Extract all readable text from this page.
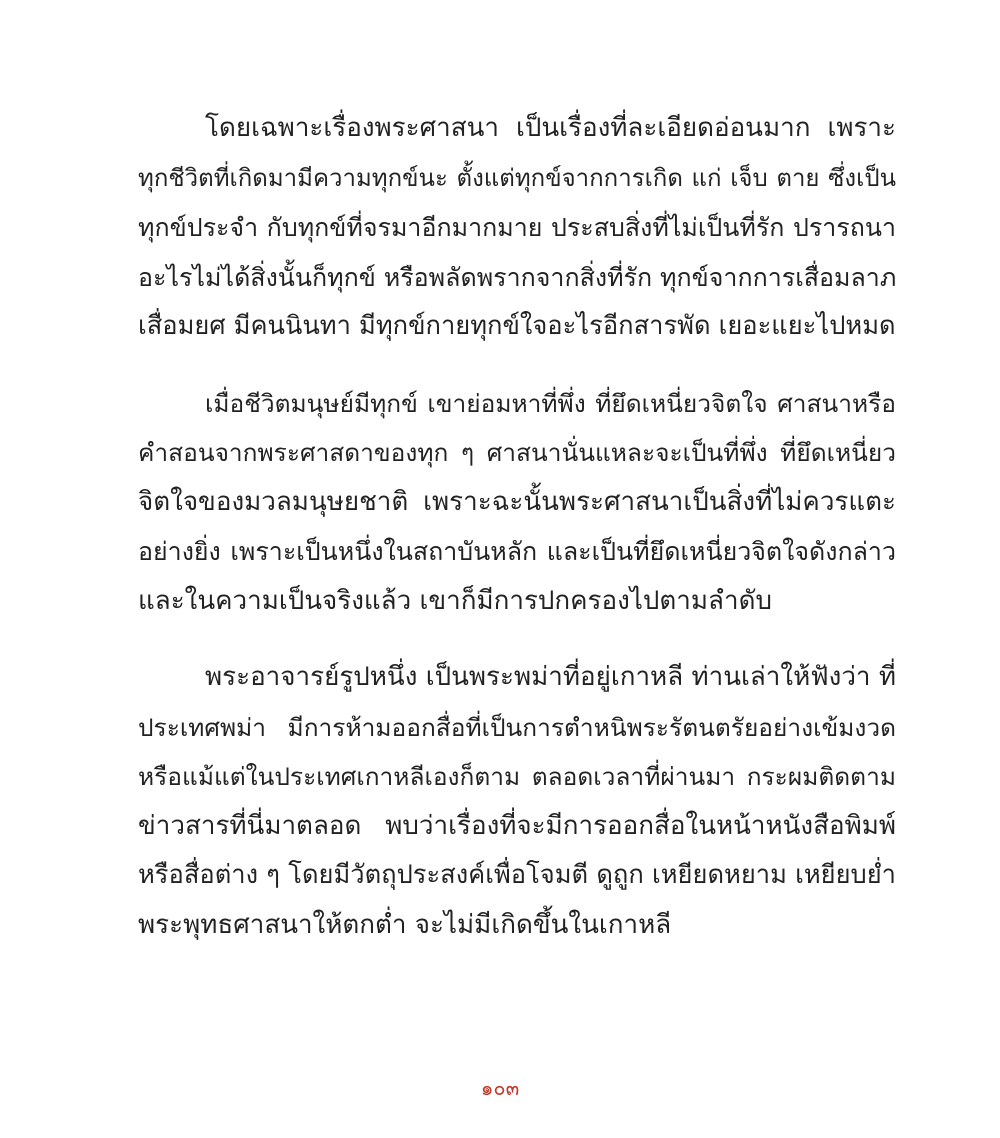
โดยเฉพาะเรื่องพระศาสนา เป็นเรื่องที่ละเอียดอ่อนมาก เพราะ
ทุกชีวิตที่เกิดมามีความทุกข์นะ ตั้งแต่ทุกข์จากการเกิด แก่ เจ็บ ตาย ซึ่งเป็น
ทุกข์ประจำ กับทุกข์ที่จรมาอีกมากมาย ประสบสิ่งที่ไม่เป็นที่รัก ปรารถนา
อะไรไม่ได้สิ่งนั้นก็ทุกข์ หรือพลัดพรากจากสิ่งที่รัก ทุกข์จากการเสื่อมลาภ
เสื่อมยศ มีคนนินทา มีทุกข์กายทุกข์ใจอะไรอีกสารพัด เยอะแยะไปหมด

เมื่อชีวิตมนุษย์มีทุกข์ เขาย่อมหาที่พึ่ง ที่ยึดเหนี่ยวจิตใจ ศาสนาหรือ
คำสอนจากพระศาสดาของทุก ๆ ศาสนานั่นแหละจะเป็นที่พึ่ง ที่ยึดเหนี่ยว
จิตใจของมวลมนุษยชาติ เพราะฉะนั้นพระศาสนาเป็นสิ่งที่ไม่ควรแตะ
อย่างยิ่ง เพราะเป็นหนึ่งในสถาบันหลัก และเป็นที่ยึดเหนี่ยวจิตใจดังกล่าว
และในความเป็นจริงแล้ว เขาก็มีการปกครองไปตามลำดับ

พระอาจารย์รูปหนึ่ง เป็นพระพม่าที่อยู่เกาหลี ท่านเล่าให้ฟังว่า ที่
ประเทศพม่า มีการห้ามออกสื่อที่เป็นการตำหนิพระรัตนตรัยอย่างเข้มงวด
หรือแม้แต่ในประเทศเกาหลีเองก็ตาม ตลอดเวลาที่ผ่านมา กระผมติดตาม
ข่าวสารที่นี่มาตลอด พบว่าเรื่องที่จะมีการออกสื่อในหน้าหนังสือพิมพ์
หรือสื่อต่าง ๆ โดยมีวัตถุประสงค์เพื่อโจมตี ดูถูก เหยียดหยาม เหยียบย่ำ
พระพุทธศาสนาให้ตกต่ำ จะไม่มีเกิดขึ้นในเกาหลี

๑๐๓
